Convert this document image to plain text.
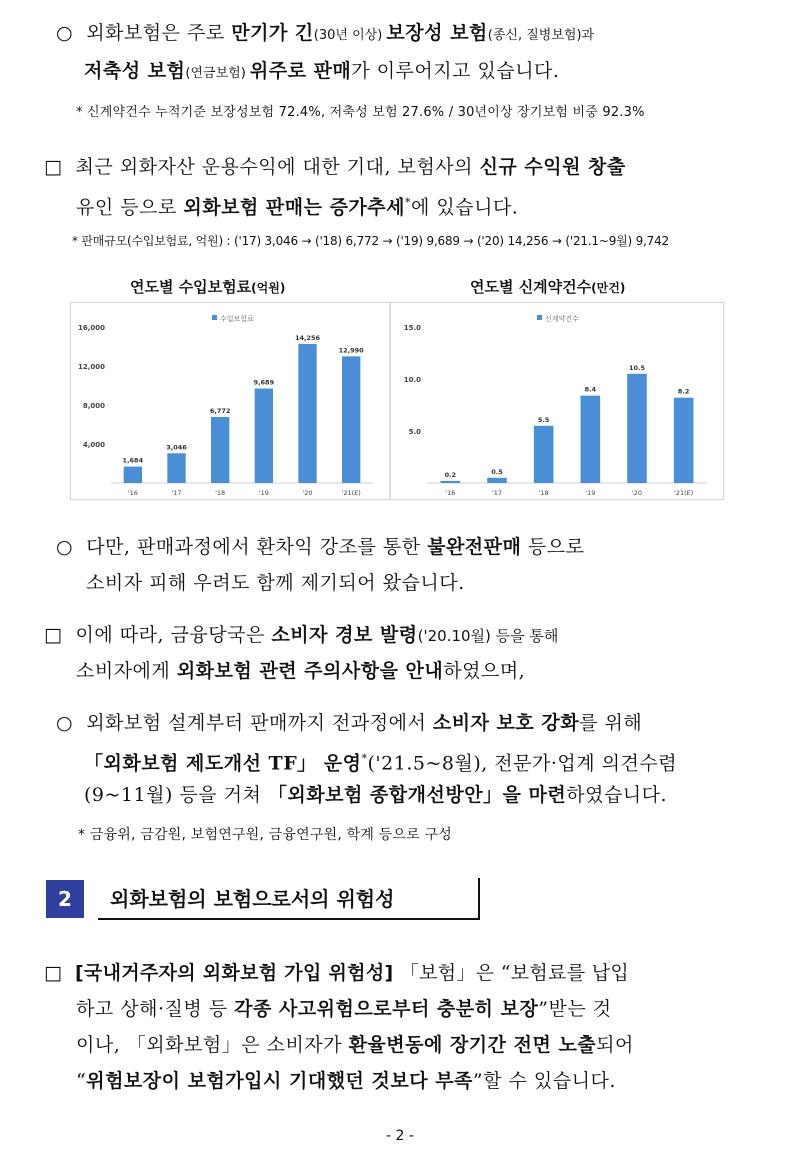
○ 외화보험은 주로 만기가 긴(30년 이상) 보장성 보험(종신, 질병보험)과
저축성 보험(연금보험) 위주로 판매가 이루어지고 있습니다.
* 신계약건수 누적기준 보장성보험 72.4%, 저축성 보험 27.6% / 30년이상 장기보험 비중 92.3%
□ 최근 외화자산 운용수익에 대한 기대, 보험사의 신규 수익원 창출
유인 등으로 외화보험 판매는 증가추세*에 있습니다.
* 판매규모(수입보험료, 억원) : ('17) 3,046 → ('18) 6,772 → ('19) 9,689 → ('20) 14,256 → ('21.1~9월) 9,742
연도별 수입보험료(억원)	연도별 신계약건수(만건)
수입보험료
4,000
8,000
12,000
16,000
1,684
'16
3,046
'17
6,772
'18
9,689
'19
14,256
'20
12,990
'21(E)
신계약건수
5.0
10.0
15.0
0.2
'16
0.5
'17
5.5
'18
8.4
'19
10.5
'20
8.2
'21(E)
○ 다만, 판매과정에서 환차익 강조를 통한 불완전판매 등으로
소비자 피해 우려도 함께 제기되어 왔습니다.
□ 이에 따라, 금융당국은 소비자 경보 발령('20.10월) 등을 통해
소비자에게 외화보험 관련 주의사항을 안내하였으며,
○ 외화보험 설계부터 판매까지 전과정에서 소비자 보호 강화를 위해
「외화보험 제도개선 TF」 운영*('21.5~8월), 전문가·업계 의견수렴
(9~11월) 등을 거쳐 「외화보험 종합개선방안」을 마련하였습니다.
* 금융위, 금감원, 보험연구원, 금융연구원, 학계 등으로 구성
2	외화보험의 보험으로서의 위험성
□ [국내거주자의 외화보험 가입 위험성] 「보험」은 “보험료를 납입
하고 상해·질병 등 각종 사고위험으로부터 충분히 보장”받는 것
이나, 「외화보험」은 소비자가 환율변동에 장기간 전면 노출되어
“위험보장이 보험가입시 기대했던 것보다 부족”할 수 있습니다.
- 2 -
